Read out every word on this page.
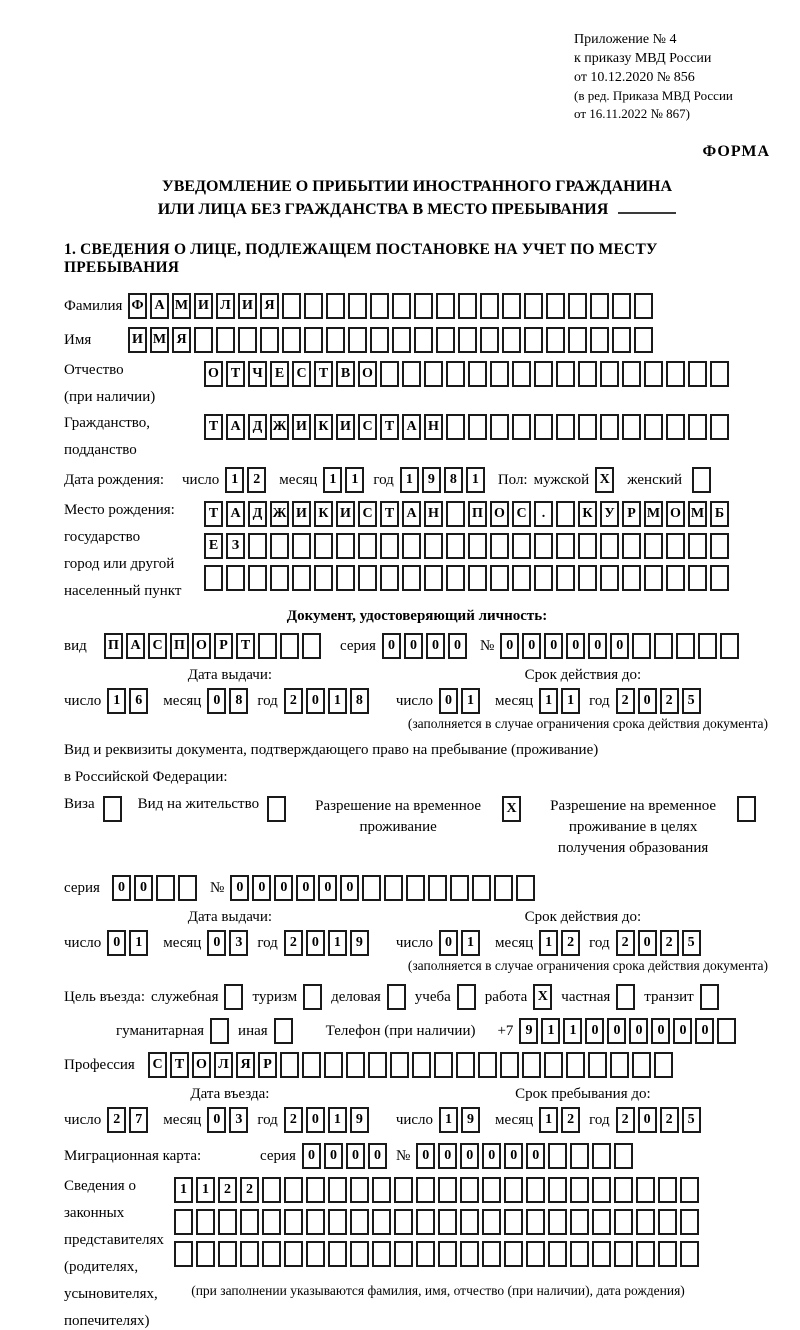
Приложение № 4
к приказу МВД России
от 10.12.2020 № 856
(в ред. Приказа МВД России
от 16.11.2022 № 867)
ФОРМА
УВЕДОМЛЕНИЕ О ПРИБЫТИИ ИНОСТРАННОГО ГРАЖДАНИНА
ИЛИ ЛИЦА БЕЗ ГРАЖДАНСТВА В МЕСТО ПРЕБЫВАНИЯ
1. СВЕДЕНИЯ О ЛИЦЕ, ПОДЛЕЖАЩЕМ ПОСТАНОВКЕ НА УЧЕТ ПО МЕСТУ ПРЕБЫВАНИЯ
Фамилия Ф А М И Л И Я
Имя	И М Я
Отчество
(при наличии)
О Т Ч Е С Т В О
Гражданство,
подданство
Т А Д Ж И К И С Т А Н
Дата рождения:	число 1	2	месяц 1	1	год 1	9	8	1	Пол: мужской X женский
Место рождения:
государство
город или другой
населенный пункт
Т А Д Ж И К И С Т А Н П О С	.	К У Р М О М Б
Е З
Документ, удостоверяющий личность:
вид	П А С П О Р Т	серия 0	0	0	0	№ 0	0	0	0	0	0
Дата выдачи:
число 1	6	месяц 0	8	год 2	0	1	8
Срок действия до:
число 0	1	месяц 1	1	год 2	0	2	5
(заполняется в случае ограничения срока действия документа)
Вид и реквизиты документа, подтверждающего право на пребывание (проживание)
в Российской Федерации:
Виза	Вид на жительство	Разрешение на временное проживание
X	Разрешение на временное проживание в целях получения образования
серия	0	0	№ 0	0	0	0	0	0
Дата выдачи:
число 0	1	месяц 0	3	год 2	0	1	9
Срок действия до:
число 0	1	месяц 1	2	год 2	0	2	5
(заполняется в случае ограничения срока действия документа)
Цель въезда: служебная туризм деловая учеба работа X частная транзит
гуманитарная иная	Телефон (при наличии) +7 9	1	1	0	0	0	0	0	0
Профессия	С Т О Л Я Р
Дата въезда:
число 2	7	месяц 0	3	год 2	0	1	9
Срок пребывания до:
число 1	9	месяц 1	2	год 2	0	2	5
Миграционная карта:	серия 0	0	0	0	№ 0	0	0	0	0	0
Сведения о
законных
представителях
(родителях,
усыновителях,
попечителях)
1	1	2	2
(при заполнении указываются фамилия, имя, отчество (при наличии), дата рождения)
